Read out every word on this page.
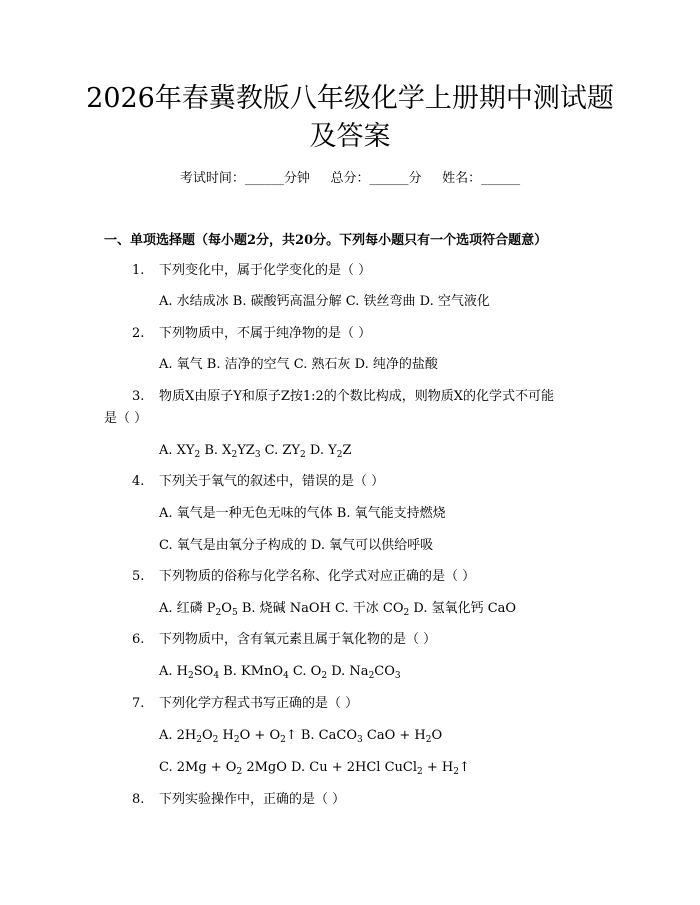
2026年春冀教版八年级化学上册期中测试题
及答案
考试时间：______分钟     总分：______分     姓名：______
一、单项选择题（每小题2分，共20分。下列每小题只有一个选项符合题意）
1. 下列变化中，属于化学变化的是（ ）
A. 水结成冰 B. 碳酸钙高温分解 C. 铁丝弯曲 D. 空气液化
2. 下列物质中，不属于纯净物的是（ ）
A. 氧气 B. 洁净的空气 C. 熟石灰 D. 纯净的盐酸
3. 物质X由原子Y和原子Z按1:2的个数比构成，则物质X的化学式不可能
是（ ）
A. $XY_2$ B. $X_2YZ_3$ C. $ZY_2$ D. $Y_2Z$
4. 下列关于氧气的叙述中，错误的是（ ）
A. 氧气是一种无色无味的气体 B. 氧气能支持燃烧
C. 氧气是由氧分子构成的 D. 氧气可以供给呼吸
5. 下列物质的俗称与化学名称、化学式对应正确的是（ ）
A. 红磷 $P_2O_5$ B. 烧碱 NaOH C. 干冰 $CO_2$ D. 氢氧化钙 CaO
6. 下列物质中，含有氧元素且属于氧化物的是（ ）
A. $H_2SO_4$ B. KMnO$_4$ C. $O_2$ D. $Na_2CO_3$
7. 下列化学方程式书写正确的是（ ）
A. $2H_2O_2$ $H_2O$ + $O_2↑$ B. CaCO$_3$ CaO + $H_2O$
C. $2Mg + O_2$ 2MgO D. Cu + 2HCl CuCl$_2$ + $H_2↑$
8. 下列实验操作中，正确的是（ ）
